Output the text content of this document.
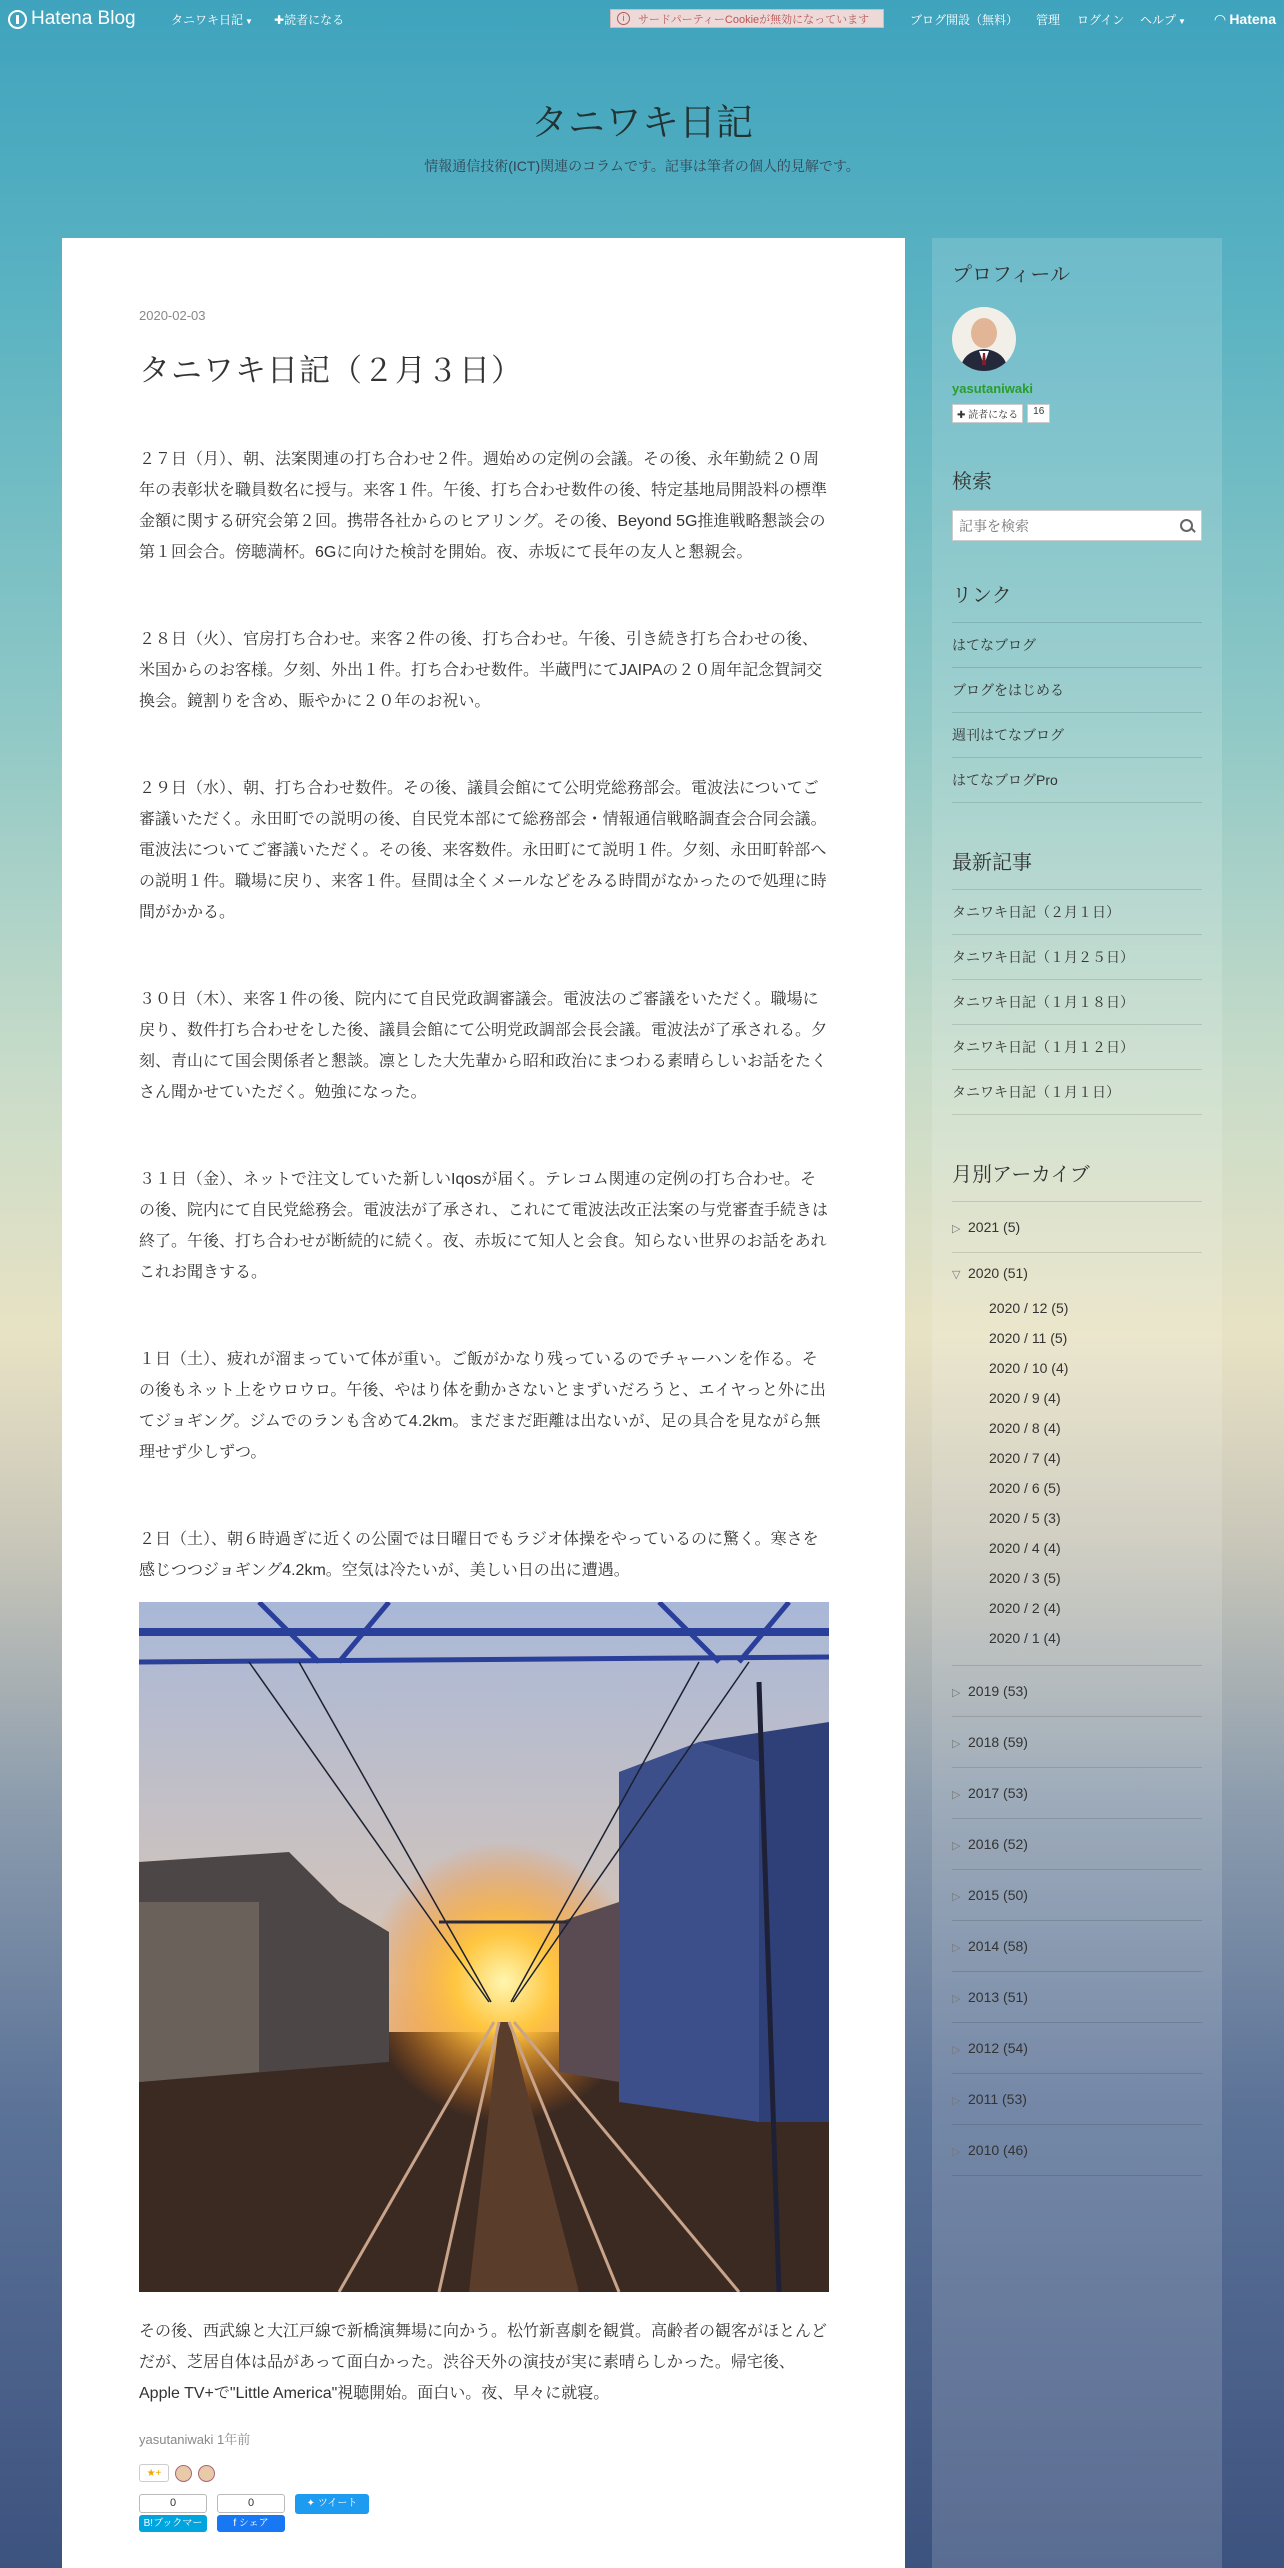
Hatena Blog	タニワキ日記 ▼ ✚読者になる	i	サードパーティーCookieが無効になっています	ブログ開設（無料） 管理 ログイン ヘルプ ▼ ◠ Hatena
タニワキ日記
情報通信技術(ICT)関連のコラムです。記事は筆者の個人的見解です。
2020-02-03
タニワキ日記（２月３日）

２７日（月）、朝、法案関連の打ち合わせ２件。週始めの定例の会議。その後、永年勤続２０周年の表彰状を職員数名に授与。来客１件。午後、打ち合わせ数件の後、特定基地局開設料の標準金額に関する研究会第２回。携帯各社からのヒアリング。その後、Beyond 5G推進戦略懇談会の第１回会合。傍聴満杯。6Gに向けた検討を開始。夜、赤坂にて長年の友人と懇親会。

２８日（火）、官房打ち合わせ。来客２件の後、打ち合わせ。午後、引き続き打ち合わせの後、米国からのお客様。夕刻、外出１件。打ち合わせ数件。半蔵門にてJAIPAの２０周年記念賀詞交換会。鏡割りを含め、賑やかに２０年のお祝い。

２９日（水）、朝、打ち合わせ数件。その後、議員会館にて公明党総務部会。電波法についてご審議いただく。永田町での説明の後、自民党本部にて総務部会・情報通信戦略調査会合同会議。電波法についてご審議いただく。その後、来客数件。永田町にて説明１件。夕刻、永田町幹部への説明１件。職場に戻り、来客１件。昼間は全くメールなどをみる時間がなかったので処理に時間がかかる。

３０日（木）、来客１件の後、院内にて自民党政調審議会。電波法のご審議をいただく。職場に戻り、数件打ち合わせをした後、議員会館にて公明党政調部会長会議。電波法が了承される。夕刻、青山にて国会関係者と懇談。凛とした大先輩から昭和政治にまつわる素晴らしいお話をたくさん聞かせていただく。勉強になった。

３１日（金）、ネットで注文していた新しいIqosが届く。テレコム関連の定例の打ち合わせ。その後、院内にて自民党総務会。電波法が了承され、これにて電波法改正法案の与党審査手続きは終了。午後、打ち合わせが断続的に続く。夜、赤坂にて知人と会食。知らない世界のお話をあれこれお聞きする。

１日（土）、疲れが溜まっていて体が重い。ご飯がかなり残っているのでチャーハンを作る。その後もネット上をウロウロ。午後、やはり体を動かさないとまずいだろうと、エイヤっと外に出てジョギング。ジムでのランも含めて4.2km。まだまだ距離は出ないが、足の具合を見ながら無理せず少しずつ。

２日（土）、朝６時過ぎに近くの公園では日曜日でもラジオ体操をやっているのに驚く。寒さを感じつつジョギング4.2km。空気は冷たいが、美しい日の出に遭遇。

その後、西武線と大江戸線で新橋演舞場に向かう。松竹新喜劇を観賞。高齢者の観客がほとんどだが、芝居自体は品があって面白かった。渋谷天外の演技が実に素晴らしかった。帰宅後、Apple TV+で"Little America"視聴開始。面白い。夜、早々に就寝。
yasutaniwaki 1年前
★+
0
B!ブックマーク
0
f シェア
✦ ツイート
プロフィール
yasutaniwaki
✚ 読者になる	16
検索
記事を検索
リンク
はてなブログ
ブログをはじめる
週刊はてなブログ
はてなブログPro
最新記事
タニワキ日記（２月１日）
タニワキ日記（１月２５日）
タニワキ日記（１月１８日）
タニワキ日記（１月１２日）
タニワキ日記（１月１日）
月別アーカイブ
▷ 2021 (5)
▽ 2020 (51)
2020 / 12 (5)
2020 / 11 (5)
2020 / 10 (4)
2020 / 9 (4)
2020 / 8 (4)
2020 / 7 (4)
2020 / 6 (5)
2020 / 5 (3)
2020 / 4 (4)
2020 / 3 (5)
2020 / 2 (4)
2020 / 1 (4)
▷ 2019 (53)
▷ 2018 (59)
▷ 2017 (53)
▷ 2016 (52)
▷ 2015 (50)
▷ 2014 (58)
▷ 2013 (51)
▷ 2012 (54)
▷ 2011 (53)
▷ 2010 (46)
